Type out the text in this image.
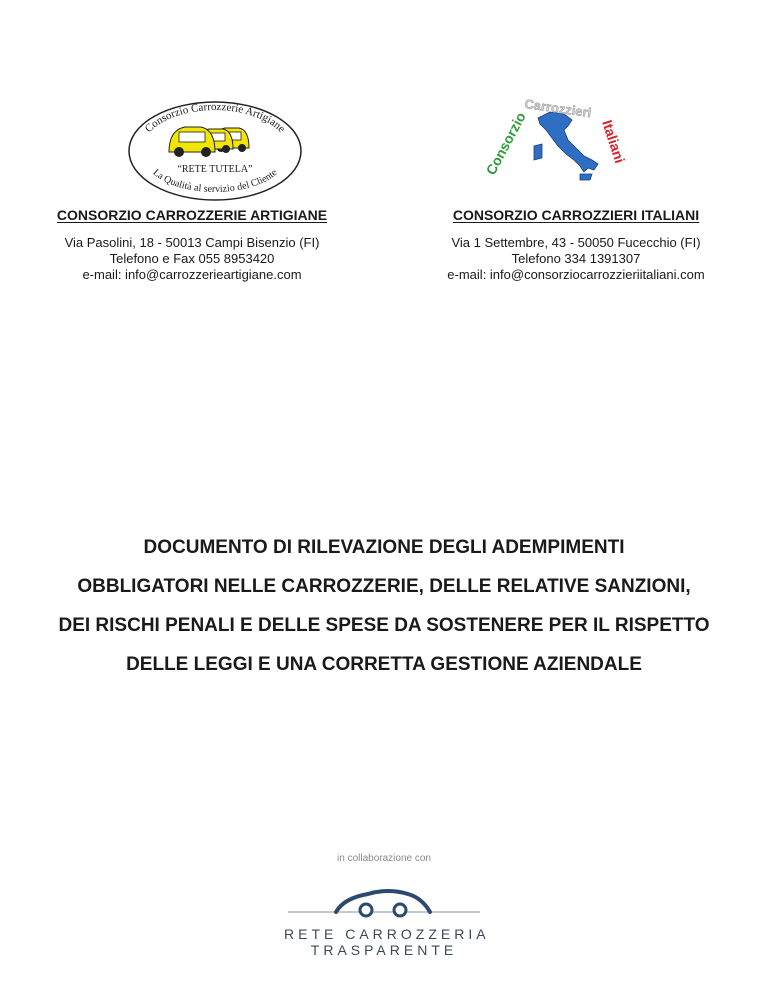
Consorzio Carrozzerie Artigiane
“RETE TUTELA”
La Qualità al servizio del Cliente
CONSORZIO CARROZZERIE ARTIGIANE
Via Pasolini, 18 - 50013 Campi Bisenzio (FI)
Telefono e Fax 055 8953420
e-mail: info@carrozzerieartigiane.com
Consorzio
Carrozzieri
Italiani
CONSORZIO CARROZZIERI ITALIANI
Via 1 Settembre, 43 - 50050 Fucecchio (FI)
Telefono 334 1391307
e-mail: info@consorziocarrozzieriitaliani.com
DOCUMENTO DI RILEVAZIONE DEGLI ADEMPIMENTI
OBBLIGATORI NELLE CARROZZERIE, DELLE RELATIVE SANZIONI,
DEI RISCHI PENALI E DELLE SPESE DA SOSTENERE PER IL RISPETTO
DELLE LEGGI E UNA CORRETTA GESTIONE AZIENDALE
in collaborazione con
RETE CARROZZERIA
TRASPARENTE
